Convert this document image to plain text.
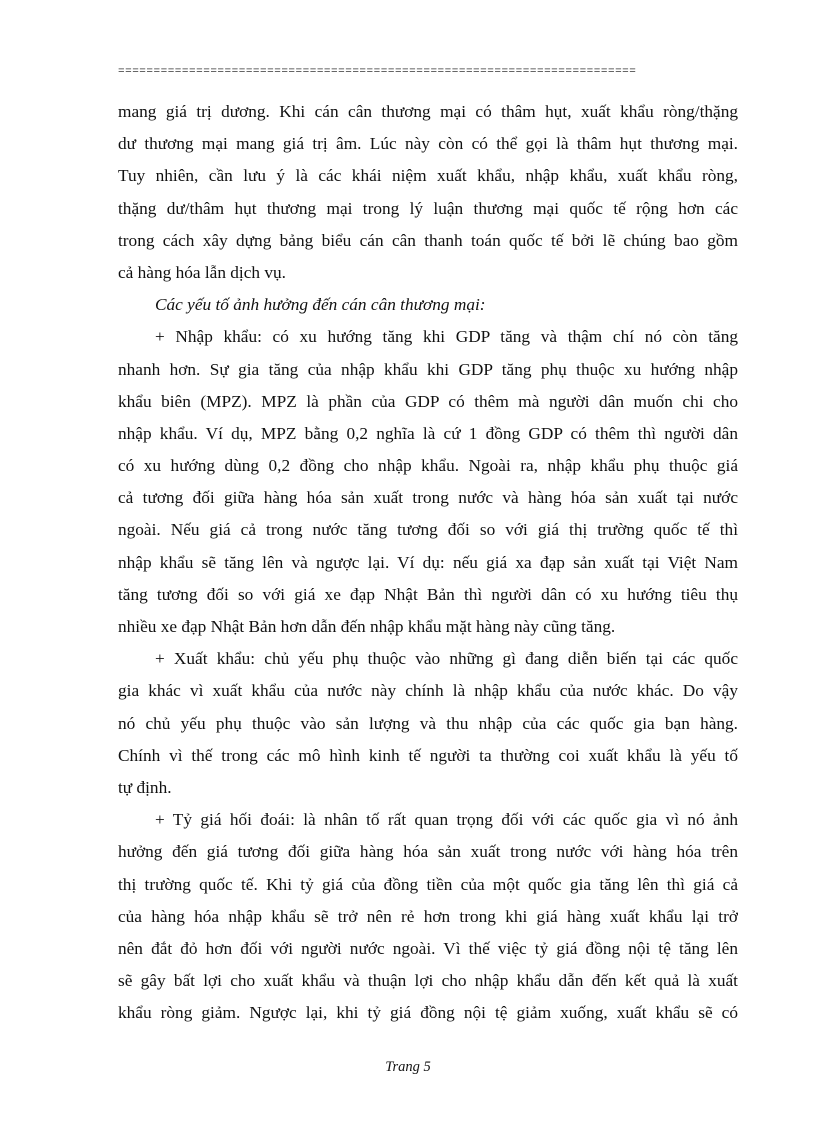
=========================================================================
mang giá trị dương. Khi cán cân thương mại có thâm hụt, xuất khẩu ròng/thặng
dư thương mại mang giá trị âm. Lúc này còn có thể gọi là thâm hụt thương mại.
Tuy nhiên, cần lưu ý là các khái niệm xuất khẩu, nhập khẩu, xuất khẩu ròng,
thặng dư/thâm hụt thương mại trong lý luận thương mại quốc tế rộng hơn các
trong cách xây dựng bảng biểu cán cân thanh toán quốc tế bởi lẽ chúng bao gồm
cả hàng hóa lẫn dịch vụ.
Các yếu tố ảnh hưởng đến cán cân thương mại:
+ Nhập khẩu: có xu hướng tăng khi GDP tăng và thậm chí nó còn tăng
nhanh hơn. Sự gia tăng của nhập khẩu khi GDP tăng phụ thuộc xu hướng nhập
khẩu biên (MPZ). MPZ là phần của GDP có thêm mà người dân muốn chi cho
nhập khẩu. Ví dụ, MPZ bằng 0,2 nghĩa là cứ 1 đồng GDP có thêm thì người dân
có xu hướng dùng 0,2 đồng cho nhập khẩu. Ngoài ra, nhập khẩu phụ thuộc giá
cả tương đối giữa hàng hóa sản xuất trong nước và hàng hóa sản xuất tại nước
ngoài. Nếu giá cả trong nước tăng tương đối so với giá thị trường quốc tế thì
nhập khẩu sẽ tăng lên và ngược lại. Ví dụ: nếu giá xa đạp sản xuất tại Việt Nam
tăng tương đối so với giá xe đạp Nhật Bản thì người dân có xu hướng tiêu thụ
nhiều xe đạp Nhật Bản hơn dẫn đến nhập khẩu mặt hàng này cũng tăng.
+ Xuất khẩu: chủ yếu phụ thuộc vào những gì đang diễn biến tại các quốc
gia khác vì xuất khẩu của nước này chính là nhập khẩu của nước khác. Do vậy
nó chủ yếu phụ thuộc vào sản lượng và thu nhập của các quốc gia bạn hàng.
Chính vì thế trong các mô hình kinh tế người ta thường coi xuất khẩu là yếu tố
tự định.
+ Tỷ giá hối đoái: là nhân tố rất quan trọng đối với các quốc gia vì nó ảnh
hưởng đến giá tương đối giữa hàng hóa sản xuất trong nước với hàng hóa trên
thị trường quốc tế. Khi tỷ giá của đồng tiền của một quốc gia tăng lên thì giá cả
của hàng hóa nhập khẩu sẽ trở nên rẻ hơn trong khi giá hàng xuất khẩu lại trở
nên đắt đỏ hơn đối với người nước ngoài. Vì thế việc tỷ giá đồng nội tệ tăng lên
sẽ gây bất lợi cho xuất khẩu và thuận lợi cho nhập khẩu dẫn đến kết quả là xuất
khẩu ròng giảm. Ngược lại, khi tỷ giá đồng nội tệ giảm xuống, xuất khẩu sẽ có
Trang 5
